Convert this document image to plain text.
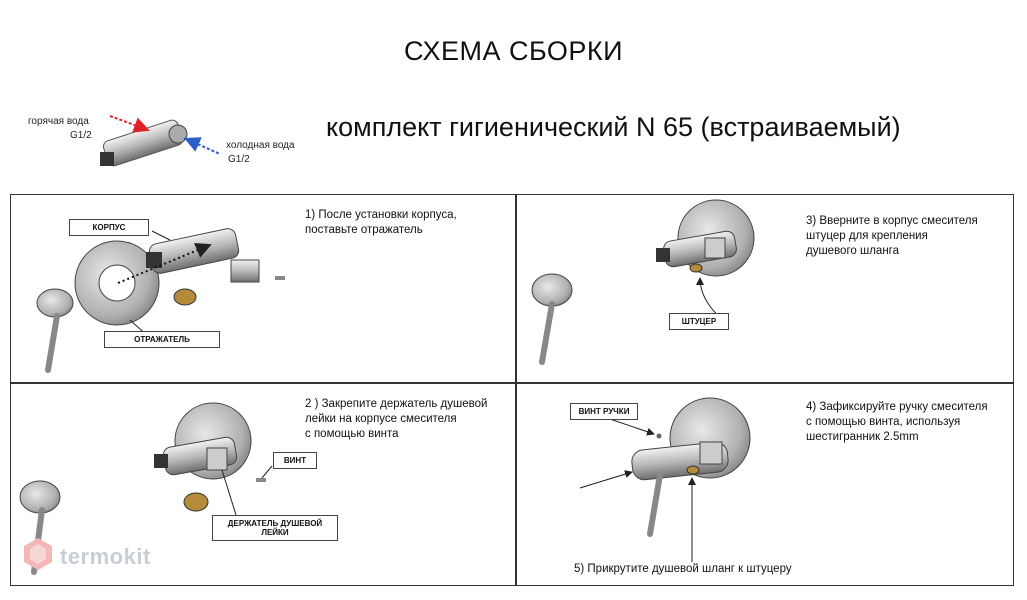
СХЕМА СБОРКИ
комплект гигиенический N 65 (встраиваемый)
горячая вода
G1/2
холодная вода
G1/2
1) После установки корпуса,
поставьте отражатель
3) Вверните в корпус смесителя
штуцер для крепления
душевого шланга
2 ) Закрепите держатель душевой
лейки на корпусе смесителя
с помощью винта
4) Зафиксируйте ручку смесителя
с помощью винта, используя
шестигранник 2.5mm
5) Прикрутите душевой шланг к штуцеру
КОРПУС
ОТРАЖАТЕЛЬ
ШТУЦЕР
ВИНТ
ДЕРЖАТЕЛЬ ДУШЕВОЙ ЛЕЙКИ
ВИНТ РУЧКИ
termokit
